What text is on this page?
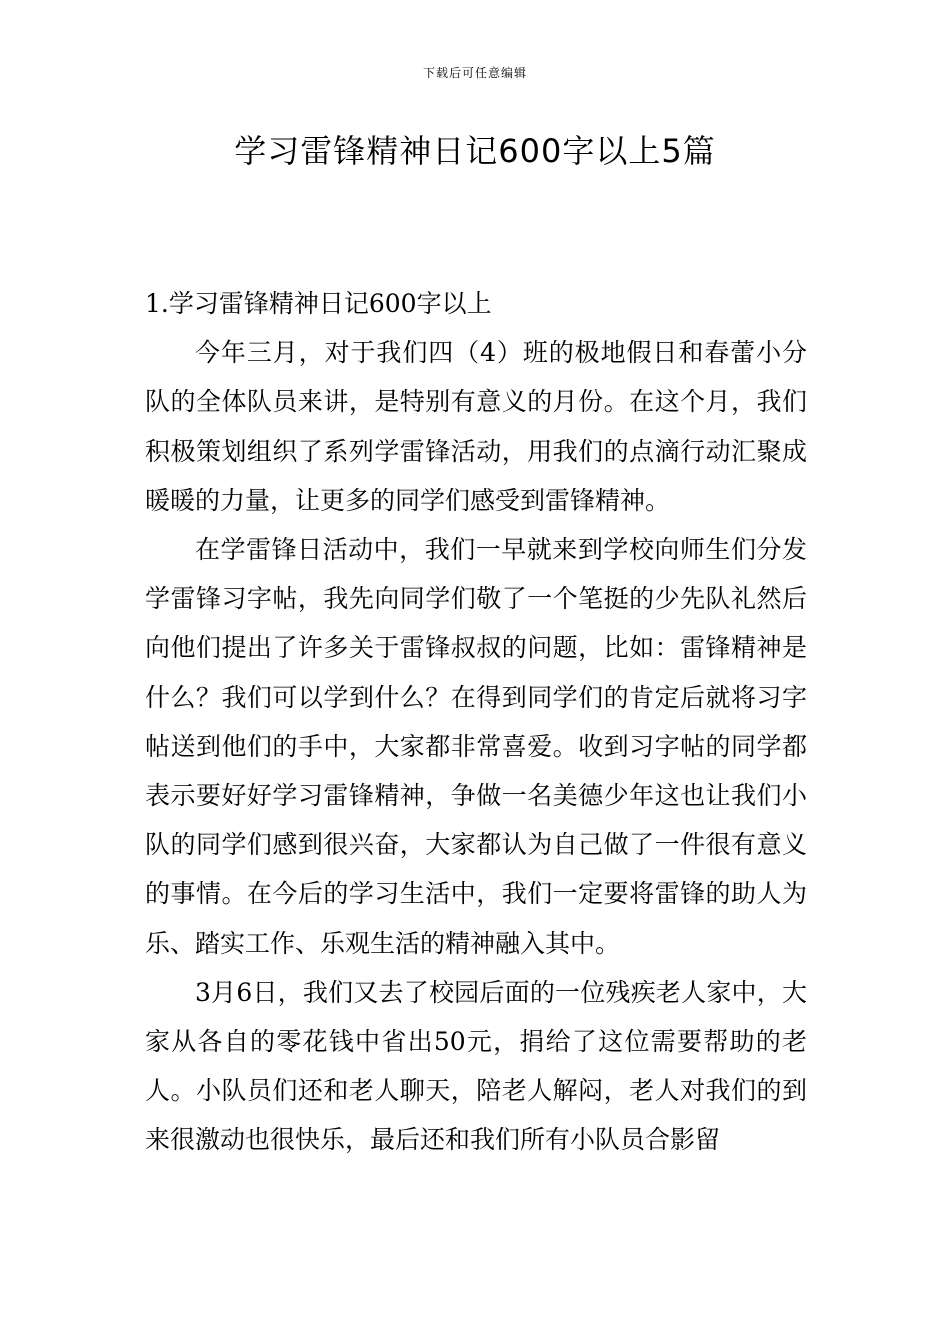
下载后可任意编辑
学习雷锋精神日记600字以上5篇
1.学习雷锋精神日记600字以上

今年三月，对于我们四（4）班的极地假日和春蕾小分队的全体队员来讲，是特别有意义的月份。在这个月，我们积极策划组织了系列学雷锋活动，用我们的点滴行动汇聚成暖暖的力量，让更多的同学们感受到雷锋精神。

在学雷锋日活动中，我们一早就来到学校向师生们分发学雷锋习字帖，我先向同学们敬了一个笔挺的少先队礼然后向他们提出了许多关于雷锋叔叔的问题，比如：雷锋精神是什么？我们可以学到什么？在得到同学们的肯定后就将习字帖送到他们的手中，大家都非常喜爱。收到习字帖的同学都表示要好好学习雷锋精神，争做一名美德少年这也让我们小队的同学们感到很兴奋，大家都认为自己做了一件很有意义的事情。在今后的学习生活中，我们一定要将雷锋的助人为乐、踏实工作、乐观生活的精神融入其中。

3月6日，我们又去了校园后面的一位残疾老人家中，大家从各自的零花钱中省出50元，捐给了这位需要帮助的老人。小队员们还和老人聊天，陪老人解闷，老人对我们的到来很激动也很快乐，最后还和我们所有小队员合影留
